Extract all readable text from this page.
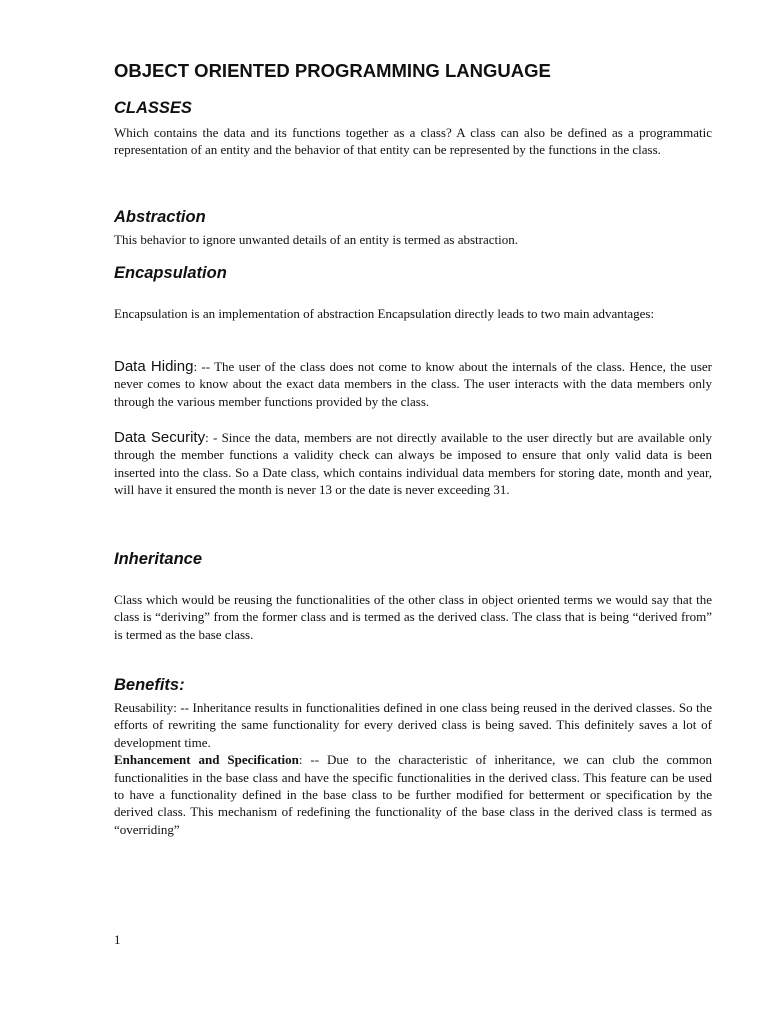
OBJECT ORIENTED PROGRAMMING LANGUAGE
CLASSES

Which contains the data and its functions together as a class? A class can also be defined as a programmatic representation of an entity and the behavior of that entity can be represented by the functions in the class.

Abstraction

This behavior to ignore unwanted details of an entity is termed as abstraction.

Encapsulation

Encapsulation is an implementation of abstraction Encapsulation directly leads to two main advantages:

Data Hiding: -- The user of the class does not come to know about the internals of the class. Hence, the user never comes to know about the exact data members in the class. The user interacts with the data members only through the various member functions provided by the class.

Data Security: - Since the data, members are not directly available to the user directly but are available only through the member functions a validity check can always be imposed to ensure that only valid data is been inserted into the class. So a Date class, which contains individual data members for storing date, month and year, will have it ensured the month is never 13 or the date is never exceeding 31.

Inheritance

Class which would be reusing the functionalities of the other class in object oriented terms we would say that the class is “deriving” from the former class and is termed as the derived class. The class that is being “derived from” is termed as the base class.

Benefits:

Reusability: -- Inheritance results in functionalities defined in one class being reused in the derived classes. So the efforts of rewriting the same functionality for every derived class is being saved. This definitely saves a lot of development time.
Enhancement and Specification: -- Due to the characteristic of inheritance, we can club the common functionalities in the base class and have the specific functionalities in the derived class. This feature can be used to have a functionality defined in the base class to be further modified for betterment or specification by the derived class. This mechanism of redefining the functionality of the base class in the derived class is termed as “overriding”

1
